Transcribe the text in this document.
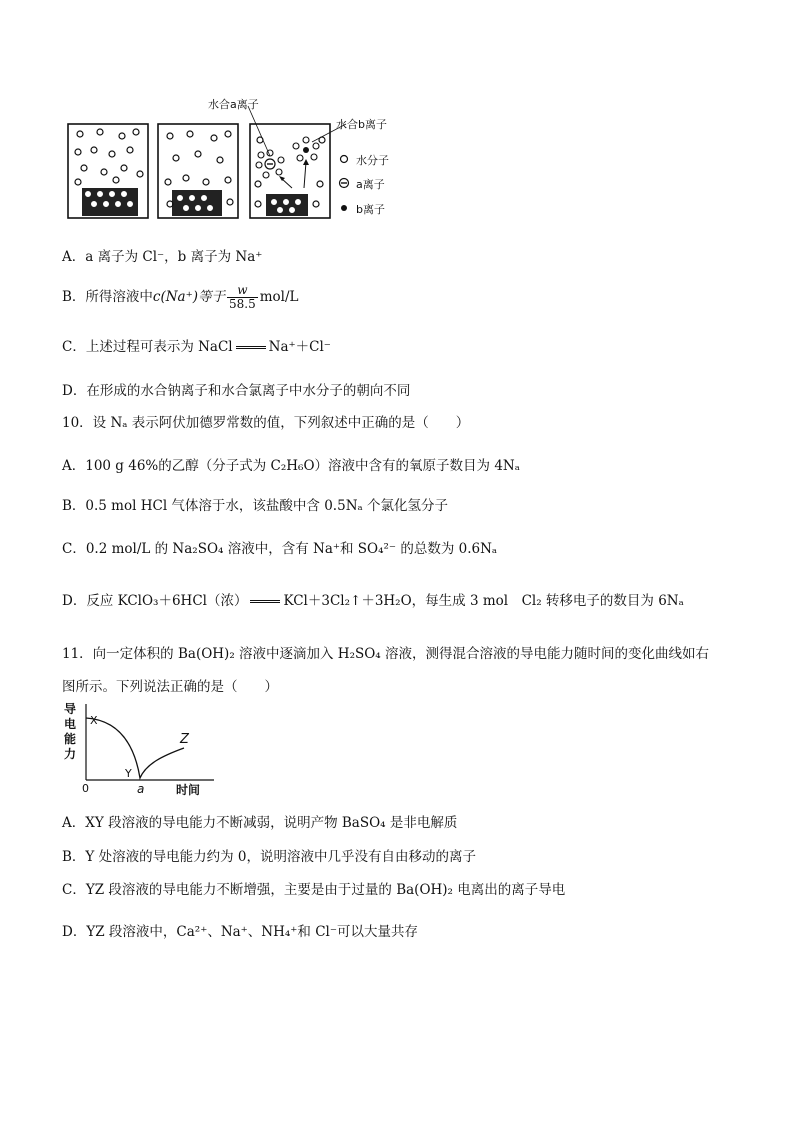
水合a离子
水合b离子
水分子
a离子
b离子
A．a 离子为 Cl⁻，b 离子为 Na⁺
B．所得溶液中c(Na⁺)等于 $\frac{w}{58.5} mol/L$
C．上述过程可表示为 NaCl	Na⁺＋Cl⁻
D．在形成的水合钠离子和水合氯离子中水分子的朝向不同
10．设 Nₐ 表示阿伏加德罗常数的值，下列叙述中正确的是（　　）
A．100 g 46%的乙醇（分子式为 C₂H₆O）溶液中含有的氧原子数目为 4Nₐ
B．0.5 mol HCl 气体溶于水，该盐酸中含 0.5Nₐ 个氯化氢分子
C．0.2 mol/L 的 Na₂SO₄ 溶液中，含有 Na⁺和 SO₄²⁻ 的总数为 0.6Nₐ
D．反应 KClO₃＋6HCl（浓）	KCl＋3Cl₂↑＋3H₂O，每生成 3 mol　Cl₂ 转移电子的数目为 6Nₐ
11．向一定体积的 Ba(OH)₂ 溶液中逐滴加入 H₂SO₄ 溶液，测得混合溶液的导电能力随时间的变化曲线如右
图所示。下列说法正确的是（　　）
导电能力
X
Y
Z
0	a	时间
A．XY 段溶液的导电能力不断减弱，说明产物 BaSO₄ 是非电解质
B．Y 处溶液的导电能力约为 0，说明溶液中几乎没有自由移动的离子
C．YZ 段溶液的导电能力不断增强，主要是由于过量的 Ba(OH)₂ 电离出的离子导电
D．YZ 段溶液中，Ca²⁺、Na⁺、NH₄⁺和 Cl⁻可以大量共存
